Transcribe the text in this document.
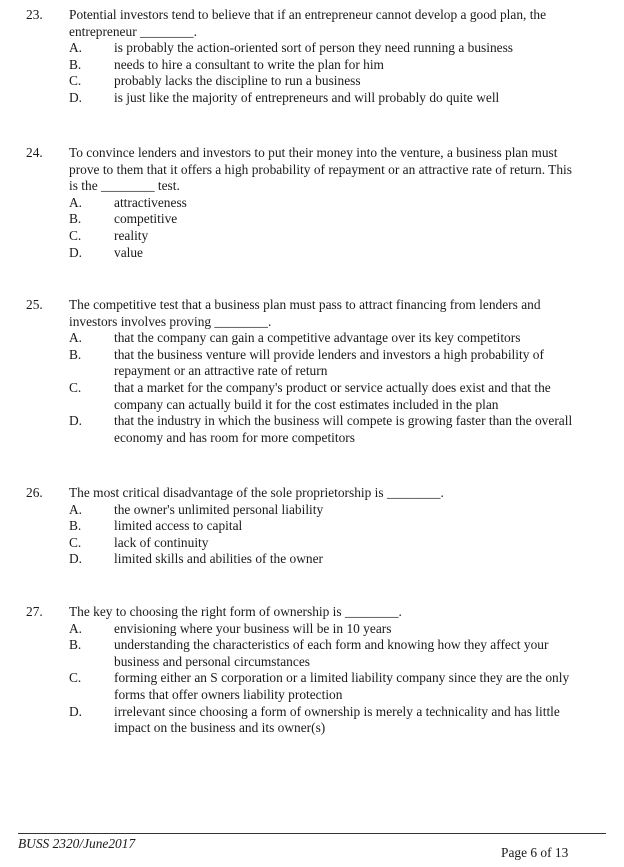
23. Potential investors tend to believe that if an entrepreneur cannot develop a good plan, the entrepreneur ________.
A. is probably the action-oriented sort of person they need running a business
B. needs to hire a consultant to write the plan for him
C. probably lacks the discipline to run a business
D. is just like the majority of entrepreneurs and will probably do quite well
24. To convince lenders and investors to put their money into the venture, a business plan must prove to them that it offers a high probability of repayment or an attractive rate of return. This is the ________ test.
A. attractiveness
B. competitive
C. reality
D. value
25. The competitive test that a business plan must pass to attract financing from lenders and investors involves proving ________.
A. that the company can gain a competitive advantage over its key competitors
B. that the business venture will provide lenders and investors a high probability of repayment or an attractive rate of return
C. that a market for the company's product or service actually does exist and that the company can actually build it for the cost estimates included in the plan
D. that the industry in which the business will compete is growing faster than the overall economy and has room for more competitors
26. The most critical disadvantage of the sole proprietorship is ________.
A. the owner's unlimited personal liability
B. limited access to capital
C. lack of continuity
D. limited skills and abilities of the owner
27. The key to choosing the right form of ownership is ________.
A. envisioning where your business will be in 10 years
B. understanding the characteristics of each form and knowing how they affect your business and personal circumstances
C. forming either an S corporation or a limited liability company since they are the only forms that offer owners liability protection
D. irrelevant since choosing a form of ownership is merely a technicality and has little impact on the business and its owner(s)
BUSS 2320/June2017
Page 6 of 13
